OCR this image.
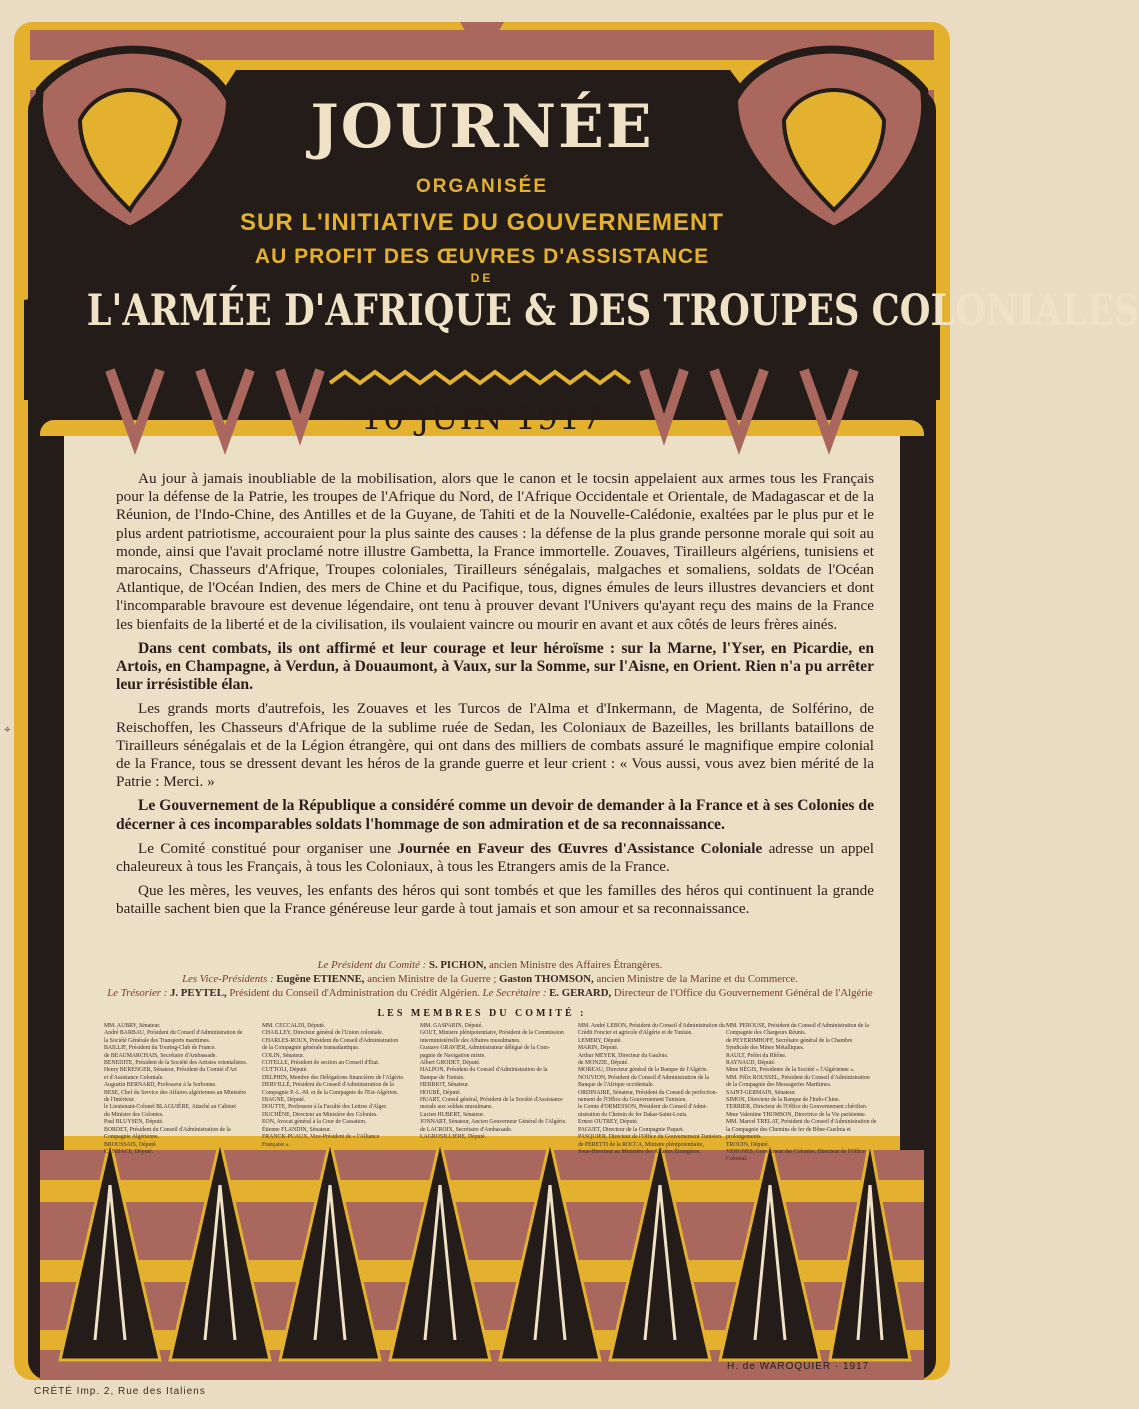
JOURNÉE
ORGANISÉE
SUR L'INITIATIVE DU GOUVERNEMENT
AU PROFIT DES ŒUVRES D'ASSISTANCE
DE
L'ARMÉE D'AFRIQUE & DES TROUPES COLONIALES
10 JUIN 1917

Au jour à jamais inoubliable de la mobilisation, alors que le canon et le tocsin appelaient aux armes tous les Français pour la défense de la Patrie, les troupes de l'Afrique du Nord, de l'Afrique Occidentale et Orientale, de Madagascar et de la Réunion, de l'Indo-Chine, des Antilles et de la Guyane, de Tahiti et de la Nouvelle-Calédonie, exaltées par le plus pur et le plus ardent patriotisme, accouraient pour la plus sainte des causes : la défense de la plus grande personne morale qui soit au monde, ainsi que l'avait proclamé notre illustre Gambetta, la France immortelle. Zouaves, Tirailleurs algériens, tunisiens et marocains, Chasseurs d'Afrique, Troupes coloniales, Tirailleurs sénégalais, malgaches et somaliens, soldats de l'Océan Atlantique, de l'Océan Indien, des mers de Chine et du Pacifique, tous, dignes émules de leurs illustres devanciers et dont l'incomparable bravoure est devenue légendaire, ont tenu à prouver devant l'Univers qu'ayant reçu des mains de la France les bienfaits de la liberté et de la civilisation, ils voulaient vaincre ou mourir en avant et aux côtés de leurs frères ainés.

Dans cent combats, ils ont affirmé et leur courage et leur héroïsme : sur la Marne, l'Yser, en Picardie, en Artois, en Champagne, à Verdun, à Douaumont, à Vaux, sur la Somme, sur l'Aisne, en Orient. Rien n'a pu arrêter leur irrésistible élan.

Les grands morts d'autrefois, les Zouaves et les Turcos de l'Alma et d'Inkermann, de Magenta, de Solférino, de Reischoffen, les Chasseurs d'Afrique de la sublime ruée de Sedan, les Coloniaux de Bazeilles, les brillants bataillons de Tirailleurs sénégalais et de la Légion étrangère, qui ont dans des milliers de combats assuré le magnifique empire colonial de la France, tous se dressent devant les héros de la grande guerre et leur crient : « Vous aussi, vous avez bien mérité de la Patrie : Merci. »

Le Gouvernement de la République a considéré comme un devoir de demander à la France et à ses Colonies de décerner à ces incomparables soldats l'hommage de son admiration et de sa reconnaissance.

Le Comité constitué pour organiser une Journée en Faveur des Œuvres d'Assistance Coloniale adresse un appel chaleureux à tous les Français, à tous les Coloniaux, à tous les Etrangers amis de la France.

Que les mères, les veuves, les enfants des héros qui sont tombés et que les familles des héros qui continuent la grande bataille sachent bien que la France généreuse leur garde à tout jamais et son amour et sa reconnaissance.

Le Président du Comité : S. PICHON, ancien Ministre des Affaires Étrangères.
Les Vice-Présidents : Eugène ETIENNE, ancien Ministre de la Guerre ; Gaston THOMSON, ancien Ministre de la Marine et du Commerce.
Le Trésorier : J. PEYTEL, Président du Conseil d'Administration du Crédit Algérien. Le Secrétaire : E. GERARD, Directeur de l'Office du Gouvernement Général de l'Algérie
LES MEMBRES DU COMITÉ :
MM. AUBRY, Sénateur.
André BARBAU, Président du Conseil d'Administration de
la Société Générale des Transports maritimes.
BAILLIF, Président du Touring-Club de France.
de BEAUMARCHAIS, Secrétaire d'Ambassade.
BENEDITE, Président de la Société des Artistes orientalistes.
Henry BERENGER, Sénateur, Président du Comité d'Art
et d'Assistance Coloniale.
Augustin BERNARD, Professeur à la Sorbonne.
BESE, Chef du Service des Affaires algériennes au Ministère
de l'Intérieur.
le Lieutenant-Colonel BLAGUIÈRE, Attaché au Cabinet
du Ministre des Colonies.
Paul BLUYSEN, Député.
BORDET, Président du Conseil d'Administration de la
Compagnie Algérienne.
BROUSSAIS, Député.
CANDACE, Député.
MM. CECCALDI, Député.
CHAILLEY, Directeur général de l'Union coloniale.
CHARLES-ROUX, Président du Conseil d'Administration
de la Compagnie générale transatlantique.
COLIN, Sénateur.
COTELLE, Président de section au Conseil d'État.
CUTTOLI, Député.
DELPHIN, Membre des Délégations financières de l'Algérie.
DERVILLÉ, Président du Conseil d'Administration de la
Compagnie P.-L.-M. et de la Compagnie de l'Est-Algérien.
DIAGNE, Député.
DOUTTE, Professeur à la Faculté des Lettres d'Alger.
DUCHÊNE, Directeur au Ministère des Colonies.
EON, Avocat général à la Cour de Cassation.
Étienne FLANDIN, Sénateur.
FRANCK-PUAUX, Vice-Président de « l'Alliance
Française ».
MM. GASPARIN, Député.
GOUT, Ministre plénipotentiaire, Président de la Commission
interministérielle des Affaires musulmanes.
Gustave GRAVIER, Administrateur délégué de la Com-
pagnie de Navigation mixte.
Albert GRODET, Député.
HALPON, Président du Conseil d'Administration de la
Banque de Tunisie.
HERRIOT, Sénateur.
HOUBÉ, Député.
HUART, Consul général, Président de la Société d'Assistance
morale aux soldats musulmans.
Lucien HUBERT, Sénateur.
JONNART, Sénateur, Ancien Gouverneur Général de l'Algérie.
de LACROIX, Secrétaire d'Ambassade.
LAGROSILLIÈRE, Député.
MM. André LEBON, Président du Conseil d'Administration du
Crédit Foncier et agricole d'Algérie et de Tunisie.
LEMERY, Député.
MARIN, Député.
Arthur MEYER, Directeur du Gaulois.
de MONZIE, Député.
MOREAU, Directeur général de la Banque de l'Algérie.
NOUVION, Président du Conseil d'Administration de la
Banque de l'Afrique occidentale.
ORDINAIRE, Sénateur, Président du Conseil de perfection-
nement de l'Office du Gouvernement Tunisien.
le Comte d'ORMESSON, Président du Conseil d'Admi-
nistration du Chemin de fer Dakar-Saint-Louis.
Ernest OUTREY, Député.
PAGUET, Directeur de la Compagnie Paquet.
PASQUIER, Directeur de l'Office du Gouvernement Tunisien.
de PERETTI de la ROCCA, Ministre plénipotentiaire,
Sous-Directeur au Ministère des Affaires Étrangères.
MM. PEROUSE, Président du Conseil d'Administration de la
Compagnie des Chargeurs Réunis.
de PEYERIMHOFF, Secrétaire général de la Chambre
Syndicale des Mines Métalliques.
RAULT, Préfet du Rhône.
RAYNAUD, Député.
Mme RÉGIS, Présidente de la Société « l'Algérienne ».
MM. Félix ROUSSEL, Président du Conseil d'Administration
de la Compagnie des Messageries Maritimes.
SAINT-GERMAIN, Sénateur.
SIMON, Directeur de la Banque de l'Indo-Chine.
TERRIER, Directeur de l'Office du Gouvernement chérifien.
Mme Valentine THOMSON, Directrice de la Vie parisienne.
MM. Marcel TRELAT, Président du Conseil d'Administration de
la Compagnie des Chemins de fer de Bône-Guelma et
prolongements.
TROUIN, Député.
VERGNES, Gouverneur des Colonies, Directeur de l'Office
Colonial.
H. de WAROQUIER · 1917
CRÉTÉ Imp. 2, Rue des Italiens
⌖
